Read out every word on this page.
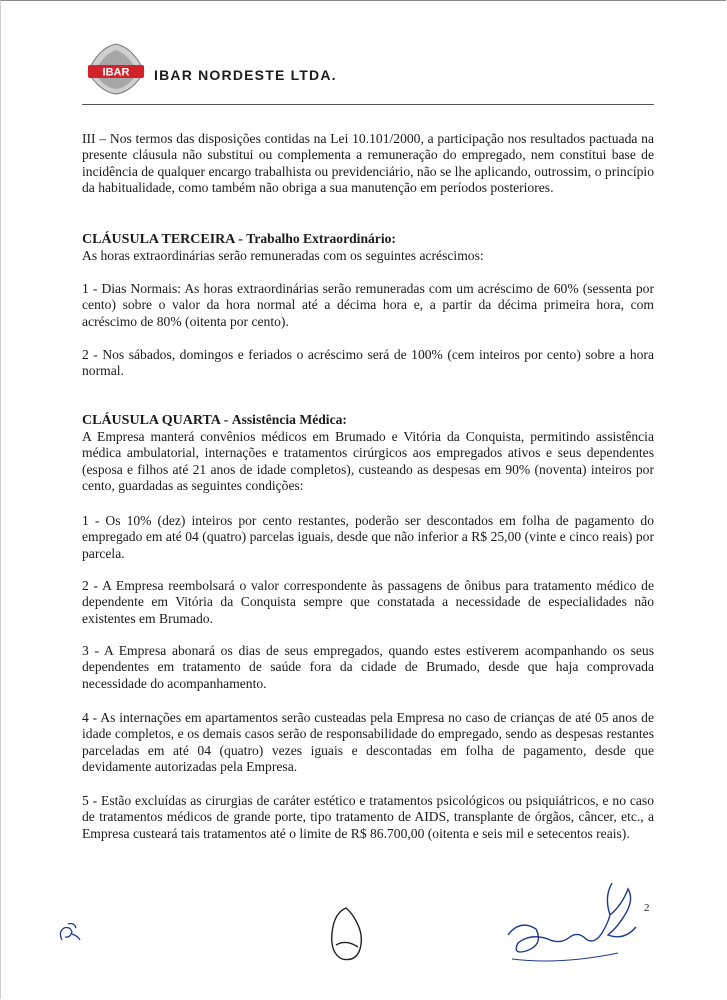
IBAR IBAR NORDESTE LTDA.

III – Nos termos das disposições contidas na Lei 10.101/2000, a participação nos resultados pactuada na presente cláusula não substitui ou complementa a remuneração do empregado, nem constitui base de incidência de qualquer encargo trabalhista ou previdenciário, não se lhe aplicando, outrossim, o princípio da habitualidade, como também não obriga a sua manutenção em períodos posteriores.

CLÁUSULA TERCEIRA - Trabalho Extraordinário:

As horas extraordinárias serão remuneradas com os seguintes acréscimos:

1 - Dias Normais: As horas extraordinárias serão remuneradas com um acréscimo de 60% (sessenta por cento) sobre o valor da hora normal até a décima hora e, a partir da décima primeira hora, com acréscimo de 80% (oitenta por cento).

2 - Nos sábados, domingos e feriados o acréscimo será de 100% (cem inteiros por cento) sobre a hora normal.

CLÁUSULA QUARTA - Assistência Médica:

A Empresa manterá convênios médicos em Brumado e Vitória da Conquista, permitindo assistência médica ambulatorial, internações e tratamentos cirúrgicos aos empregados ativos e seus dependentes (esposa e filhos até 21 anos de idade completos), custeando as despesas em 90% (noventa) inteiros por cento, guardadas as seguintes condições:

1 - Os 10% (dez) inteiros por cento restantes, poderão ser descontados em folha de pagamento do empregado em até 04 (quatro) parcelas iguais, desde que não inferior a R$ 25,00 (vinte e cinco reais) por parcela.

2 - A Empresa reembolsará o valor correspondente às passagens de ônibus para tratamento médico de dependente em Vitória da Conquista sempre que constatada a necessidade de especialidades não existentes em Brumado.

3 - A Empresa abonará os dias de seus empregados, quando estes estiverem acompanhando os seus dependentes em tratamento de saúde fora da cidade de Brumado, desde que haja comprovada necessidade do acompanhamento.

4 - As internações em apartamentos serão custeadas pela Empresa no caso de crianças de até 05 anos de idade completos, e os demais casos serão de responsabilidade do empregado, sendo as despesas restantes parceladas em até 04 (quatro) vezes iguais e descontadas em folha de pagamento, desde que devidamente autorizadas pela Empresa.

5 - Estão excluídas as cirurgias de caráter estético e tratamentos psicológicos ou psiquiátricos, e no caso de tratamentos médicos de grande porte, tipo tratamento de AIDS, transplante de órgãos, câncer, etc., a Empresa custeará tais tratamentos até o limite de R$ 86.700,00 (oitenta e seis mil e setecentos reais).

2
